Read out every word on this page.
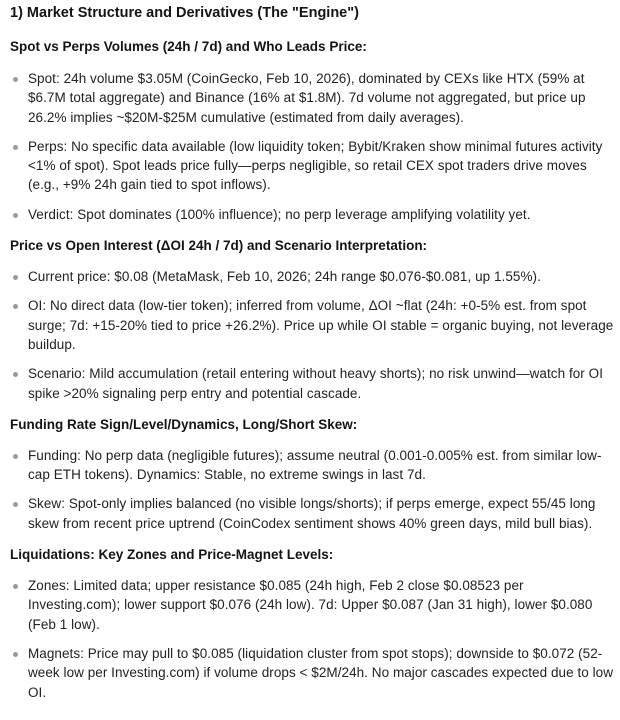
1) Market Structure and Derivatives (The "Engine")
Spot vs Perps Volumes (24h / 7d) and Who Leads Price:
Spot: 24h volume $3.05M (CoinGecko, Feb 10, 2026), dominated by CEXs like HTX (59% at $6.7M total aggregate) and Binance (16% at $1.8M). 7d volume not aggregated, but price up 26.2% implies ~$20M-$25M cumulative (estimated from daily averages).
Perps: No specific data available (low liquidity token; Bybit/Kraken show minimal futures activity <1% of spot). Spot leads price fully—perps negligible, so retail CEX spot traders drive moves (e.g., +9% 24h gain tied to spot inflows).
Verdict: Spot dominates (100% influence); no perp leverage amplifying volatility yet.
Price vs Open Interest (ΔOI 24h / 7d) and Scenario Interpretation:
Current price: $0.08 (MetaMask, Feb 10, 2026; 24h range $0.076-$0.081, up 1.55%).
OI: No direct data (low-tier token); inferred from volume, ΔOI ~flat (24h: +0-5% est. from spot surge; 7d: +15-20% tied to price +26.2%). Price up while OI stable = organic buying, not leverage buildup.
Scenario: Mild accumulation (retail entering without heavy shorts); no risk unwind—watch for OI spike >20% signaling perp entry and potential cascade.
Funding Rate Sign/Level/Dynamics, Long/Short Skew:
Funding: No perp data (negligible futures); assume neutral (0.001-0.005% est. from similar low-cap ETH tokens). Dynamics: Stable, no extreme swings in last 7d.
Skew: Spot-only implies balanced (no visible longs/shorts); if perps emerge, expect 55/45 long skew from recent price uptrend (CoinCodex sentiment shows 40% green days, mild bull bias).
Liquidations: Key Zones and Price-Magnet Levels:
Zones: Limited data; upper resistance $0.085 (24h high, Feb 2 close $0.08523 per Investing.com); lower support $0.076 (24h low). 7d: Upper $0.087 (Jan 31 high), lower $0.080 (Feb 1 low).
Magnets: Price may pull to $0.085 (liquidation cluster from spot stops); downside to $0.072 (52-week low per Investing.com) if volume drops < $2M/24h. No major cascades expected due to low OI.
